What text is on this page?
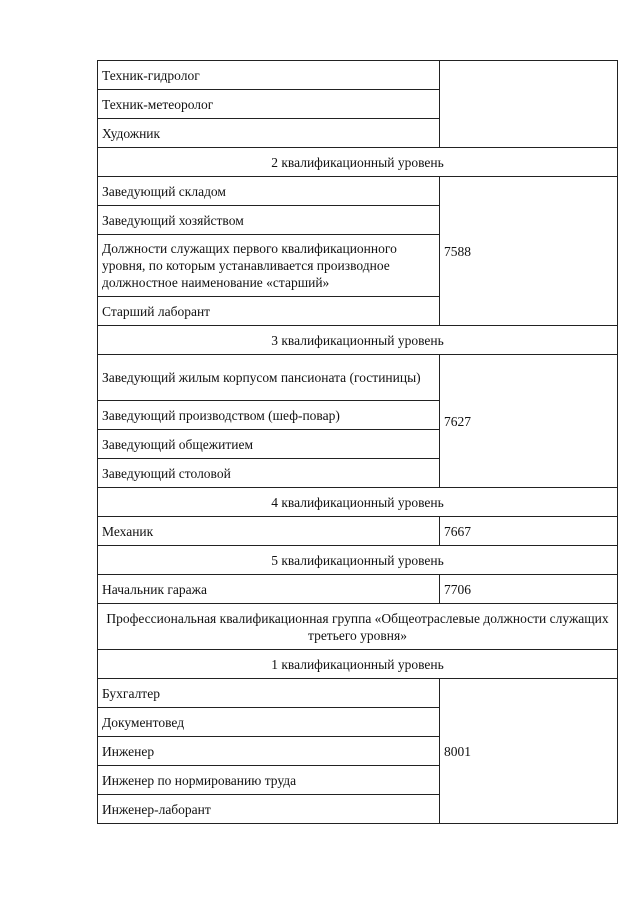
Техник-гидролог	
Техник-метеоролог	
Художник	
2 квалификационный уровень	
Заведующий складом	7588
Заведующий хозяйством	
Должности служащих первого квалификационного уровня, по которым устанавливается производное должностное наименование «старший»	
Старший лаборант	
3 квалификационный уровень	
Заведующий жилым корпусом пансионата (гостиницы)	7627
Заведующий производством (шеф-повар)	
Заведующий общежитием	
Заведующий столовой	
4 квалификационный уровень	
Механик	7667
5 квалификационный уровень	
Начальник гаража	7706
Профессиональная квалификационная группа «Общеотраслевые должности служащих третьего уровня»	
1 квалификационный уровень	
Бухгалтер	8001
Документовед	
Инженер	
Инженер по нормированию труда	
Инженер-лаборант	
